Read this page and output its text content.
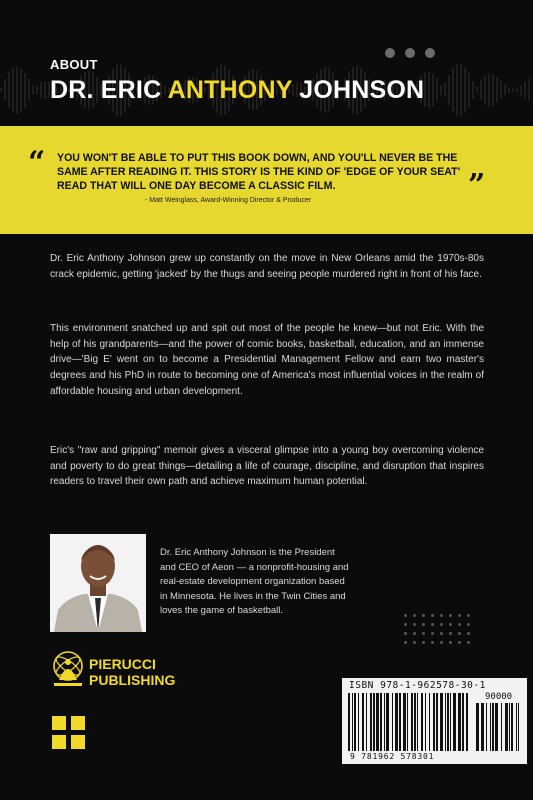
ABOUT
DR. ERIC ANTHONY JOHNSON
“
”
YOU WON'T BE ABLE TO PUT THIS BOOK DOWN, AND YOU'LL NEVER BE THE SAME AFTER READING IT. THIS STORY IS THE KIND OF 'EDGE OF YOUR SEAT' READ THAT WILL ONE DAY BECOME A CLASSIC FILM.
- Matt Weinglass, Award-Winning Director & Producer
Dr. Eric Anthony Johnson grew up constantly on the move in New Orleans amid the 1970s-80s crack epidemic, getting 'jacked' by the thugs and seeing people murdered right in front of his face.
This environment snatched up and spit out most of the people he knew—but not Eric. With the help of his grandparents—and the power of comic books, basketball, education, and an immense drive—'Big E' went on to become a Presidential Management Fellow and earn two master's degrees and his PhD in route to becoming one of America's most influential voices in the realm of affordable housing and urban development.
Eric's "raw and gripping" memoir gives a visceral glimpse into a young boy overcoming violence and poverty to do great things—detailing a life of courage, discipline, and disruption that inspires readers to travel their own path and achieve maximum human potential.
Dr. Eric Anthony Johnson is the President and CEO of Aeon — a nonprofit-housing and real-estate development organization based in Minnesota. He lives in the Twin Cities and loves the game of basketball.
PIERUCCI
PUBLISHING	ISBN 978-1-962578-30-1
90000
9 781962 578301
